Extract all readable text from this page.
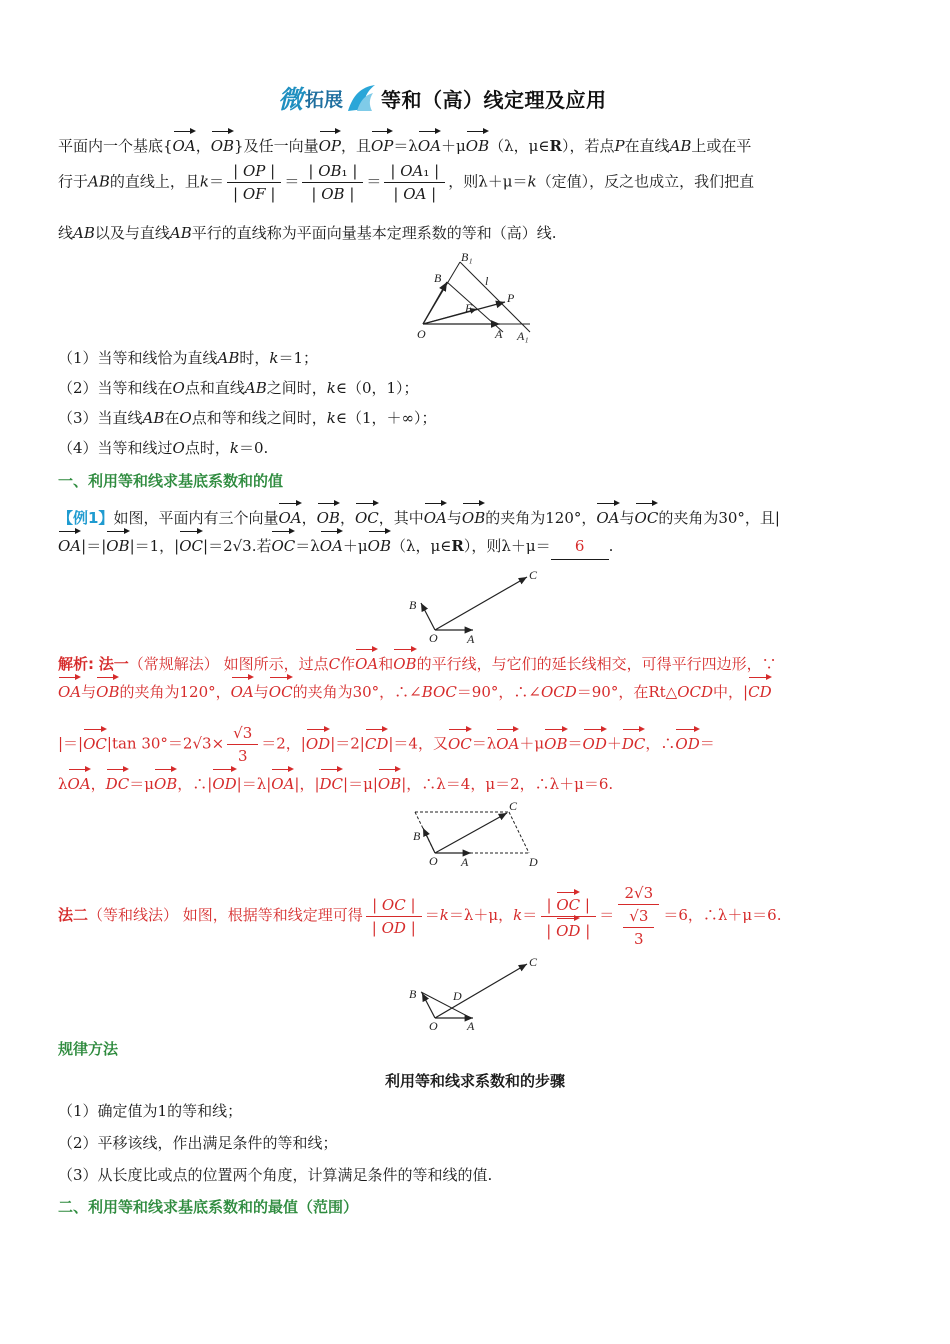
微 拓展 等和（高）线定理及应用
平面内一个基底{OA，OB}及任一向量OP，且OP＝λOA＋μOB（λ，μ∈R），若点P在直线AB上或在平
行于AB的直线上，且$k= \frac{| OP |}{| OF |} = \frac{\text{| OB₁ |}}{| OB |} = \frac{\text{| OA₁ |}}{| OA |}$ ，则λ＋μ＝k（定值），反之也成立，我们把直
线AB以及与直线AB平行的直线称为平面向量基本定理系数的等和（高）线.
B₁
B	l
P
F
O	A A₁
（1）当等和线恰为直线AB时，k＝1；
（2）当等和线在O点和直线AB之间时，k∈（0，1）；
（3）当直线AB在O点和等和线之间时，k∈（1，＋∞）；
（4）当等和线过O点时，k＝0.
一、利用等和线求基底系数和的值
【例1】如图，平面内有三个向量OA，OB，OC，其中OA与OB的夹角为120°，OA与OC的夹角为30°，且|
OA|＝|OB|＝1，|OC|＝2√3.若OC＝λOA＋μOB（λ，μ∈R），则λ＋μ＝ 6 .
C
B
O A
解析: 法一（常规解法） 如图所示，过点C作OA和OB的平行线，与它们的延长线相交，可得平行四边形，∵
OA与OB的夹角为120°，OA与OC的夹角为30°，∴∠BOC＝90°，∴∠OCD＝90°，在Rt△OCD中，|CD
|＝|OC|tan $30^\circ=2√3\times \frac{√3}{3} =2$，|OD|＝2|CD|＝4，又OC＝λOA＋μOB＝OD＋DC，∴OD＝
λOA，DC＝μOB，∴|OD|＝λ|OA|，|DC|＝μ|OB|，∴λ＝4，μ＝2，∴λ＋μ＝6.
C
B
O A	D
法二（等和线法） 如图，根据等和线定理可得 $\frac{| OC |}{| OD |} =k=\lambda+\mu$，$k= \frac{| OC |}{| OD |} = \frac{2√3}{\frac{√3}{3}} =6$，∴λ＋μ＝6.
C
B	D
O A
规律方法
利用等和线求系数和的步骤
（1）确定值为1的等和线；
（2）平移该线，作出满足条件的等和线；
（3）从长度比或点的位置两个角度，计算满足条件的等和线的值.
二、利用等和线求基底系数和的最值（范围）
